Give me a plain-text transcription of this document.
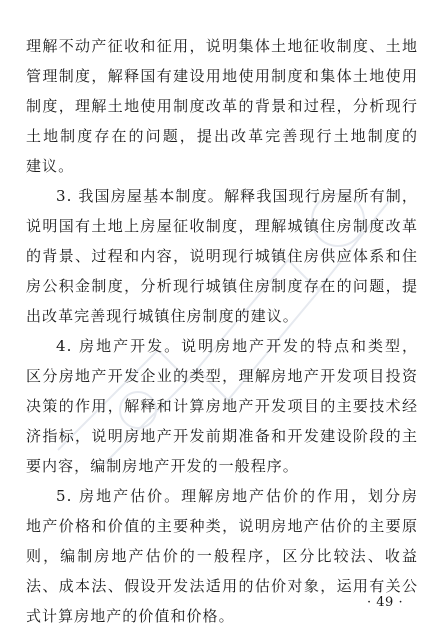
理解不动产征收和征用，说明集体土地征收制度、土地
管理制度，解释国有建设用地使用制度和集体土地使用
制度，理解土地使用制度改革的背景和过程，分析现行
土地制度存在的问题，提出改革完善现行土地制度的
建议。
3. 我国房屋基本制度。解释我国现行房屋所有制，
说明国有土地上房屋征收制度，理解城镇住房制度改革
的背景、过程和内容，说明现行城镇住房供应体系和住
房公积金制度，分析现行城镇住房制度存在的问题，提
出改革完善现行城镇住房制度的建议。
4. 房地产开发。说明房地产开发的特点和类型，
区分房地产开发企业的类型，理解房地产开发项目投资
决策的作用，解释和计算房地产开发项目的主要技术经
济指标，说明房地产开发前期准备和开发建设阶段的主
要内容，编制房地产开发的一般程序。
5. 房地产估价。理解房地产估价的作用，划分房
地产价格和价值的主要种类，说明房地产估价的主要原
则，编制房地产估价的一般程序，区分比较法、收益
法、成本法、假设开发法适用的估价对象，运用有关公
式计算房地产的价值和价格。
· 49 ·
